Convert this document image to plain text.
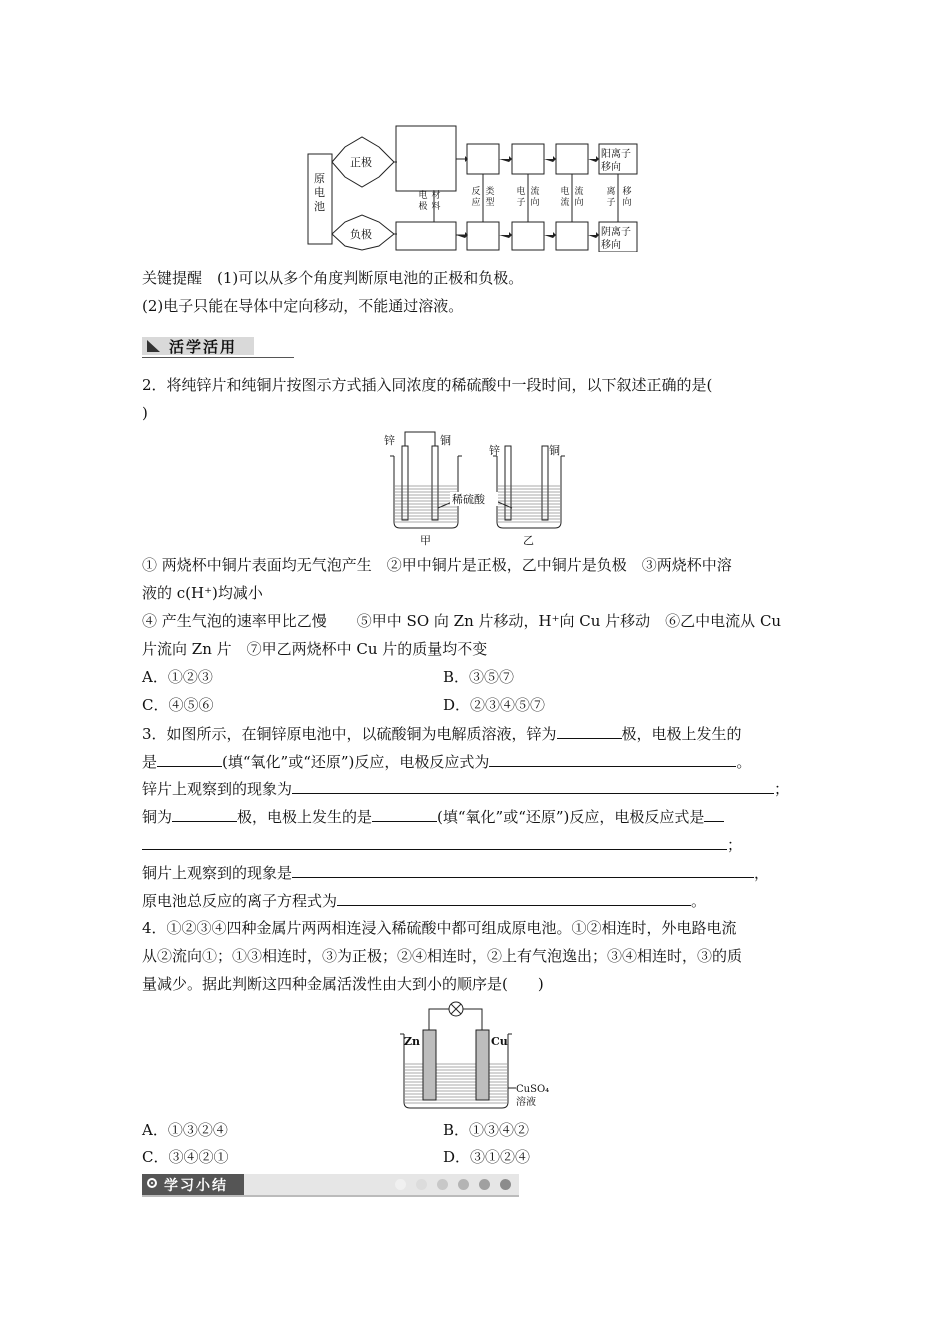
原电池
正极
负极
电
极
材
料
反
应
类
型
电
子
流
向
电
流
流
向
离
子
移
向
阳离子
移向
阴离子
移向
关键提醒　(1)可以从多个角度判断原电池的正极和负极。
(2)电子只能在导体中定向移动，不能通过溶液。
活学活用
2．将纯锌片和纯铜片按图示方式插入同浓度的稀硫酸中一段时间，以下叙述正确的是(
)
锌	铜
锌	铜
稀硫酸
甲	乙
① 两烧杯中铜片表面均无气泡产生　②甲中铜片是正极，乙中铜片是负极　③两烧杯中溶
液的 c(H⁺)均减小
④ 产生气泡的速率甲比乙慢　　⑤甲中 SO 向 Zn 片移动，H⁺向 Cu 片移动　⑥乙中电流从 Cu
片流向 Zn 片　⑦甲乙两烧杯中 Cu 片的质量均不变
A．①②③	B．③⑤⑦
C．④⑤⑥	D．②③④⑤⑦
3．如图所示，在铜锌原电池中，以硫酸铜为电解质溶液，锌为	极，电极上发生的
是	(填“氧化”或“还原”)反应，电极反应式为	。
锌片上观察到的现象为	；
铜为	极，电极上发生的是	(填“氧化”或“还原”)反应，电极反应式是
；
铜片上观察到的现象是	，
原电池总反应的离子方程式为	。
4．①②③④四种金属片两两相连浸入稀硫酸中都可组成原电池。①②相连时，外电路电流
从②流向①；①③相连时，③为正极；②④相连时，②上有气泡逸出；③④相连时，③的质
量减少。据此判断这四种金属活泼性由大到小的顺序是(　　)
Zn	Cu
CuSO₄
溶液
A．①③②④	B．①③④②
C．③④②①	D．③①②④
学习小结
